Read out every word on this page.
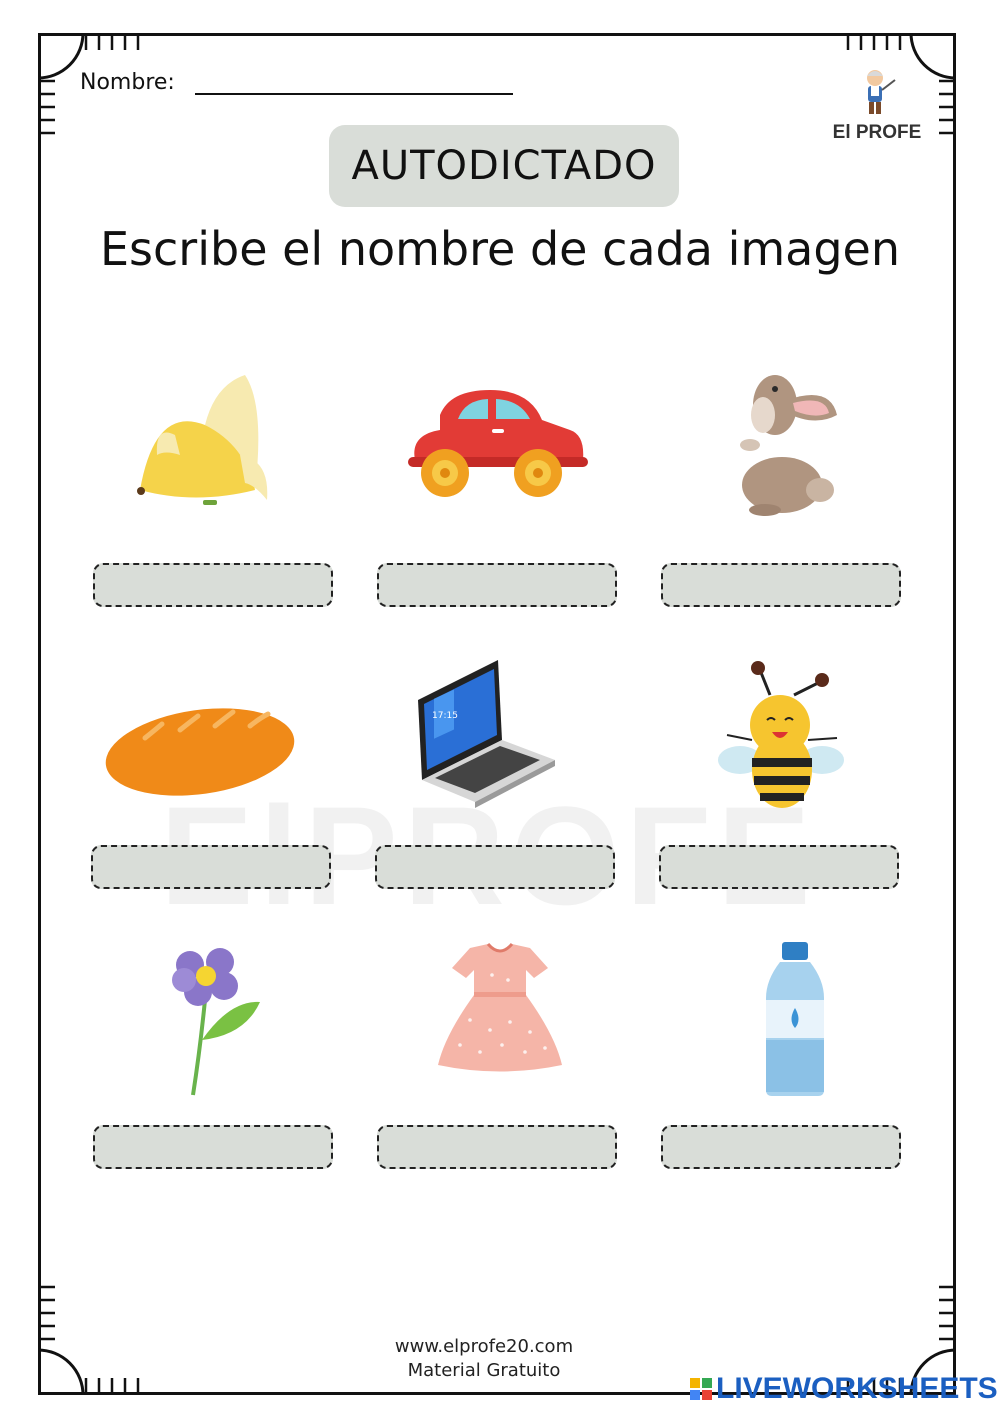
Nombre:
El PROFE
AUTODICTADO
Escribe el nombre de cada imagen
17:15
www.elprofe20.com
Material Gratuito
LIVEWORKSHEETS
